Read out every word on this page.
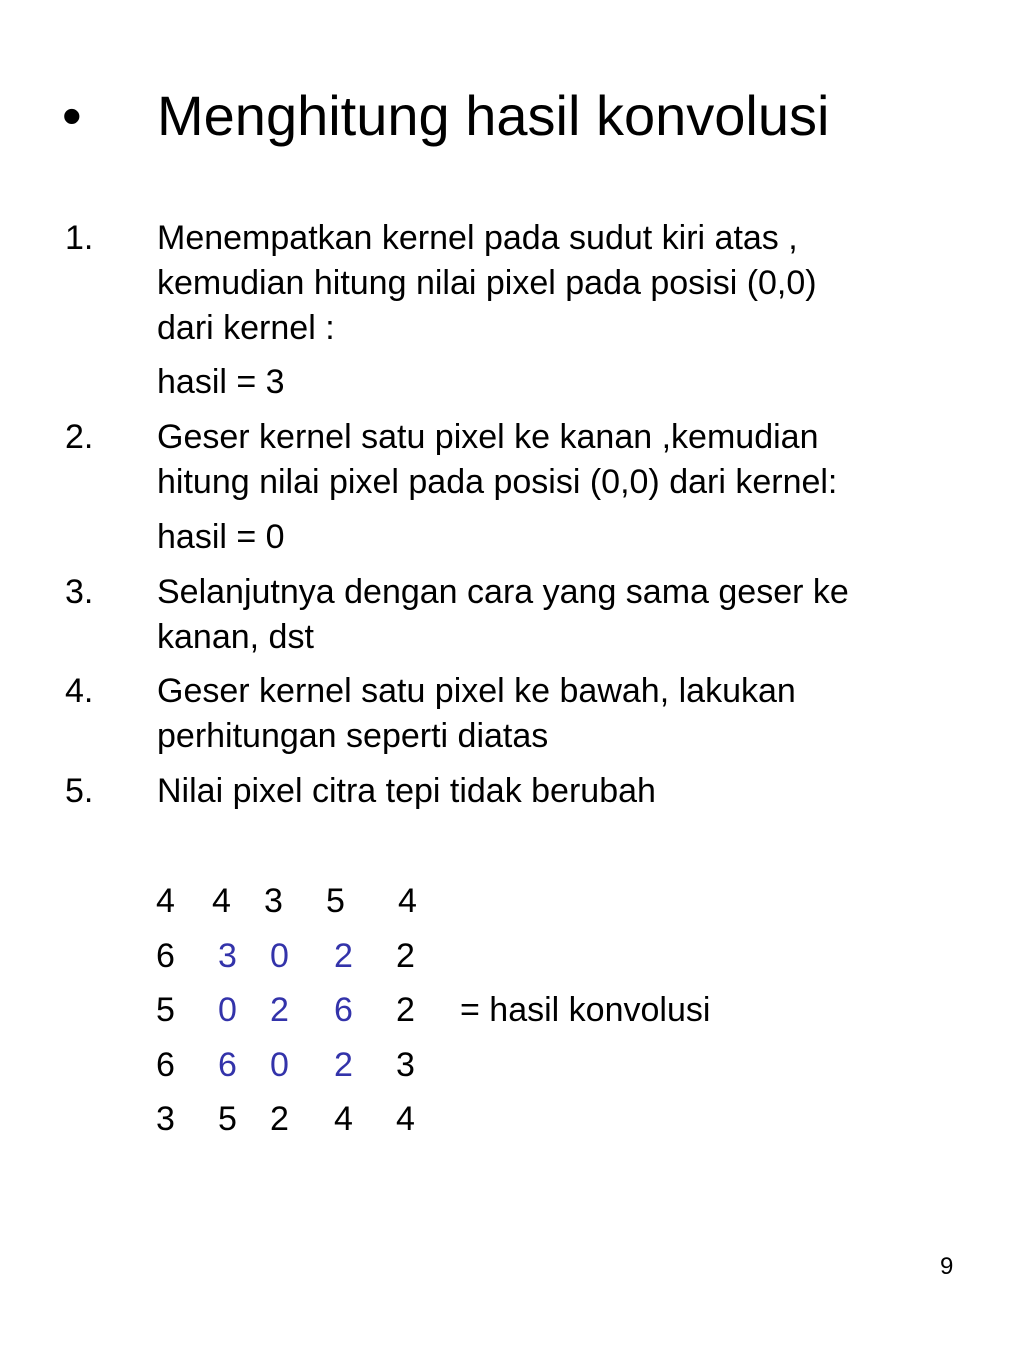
• Menghitung hasil konvolusi
1. Menempatkan kernel pada sudut kiri atas ,
kemudian hitung nilai pixel pada posisi (0,0)
dari kernel :
hasil = 3
2. Geser kernel satu pixel ke kanan ,kemudian
hitung nilai pixel pada posisi (0,0) dari kernel:
hasil = 0
3. Selanjutnya dengan cara yang sama geser ke
kanan, dst
4. Geser kernel satu pixel ke bawah, lakukan
perhitungan seperti diatas
5. Nilai pixel citra tepi tidak berubah
4 4 3 5 4
6 3 0 2 2
5 0 2 6 2 = hasil konvolusi
6 6 0 2 3
3 5 2 4 4
9
